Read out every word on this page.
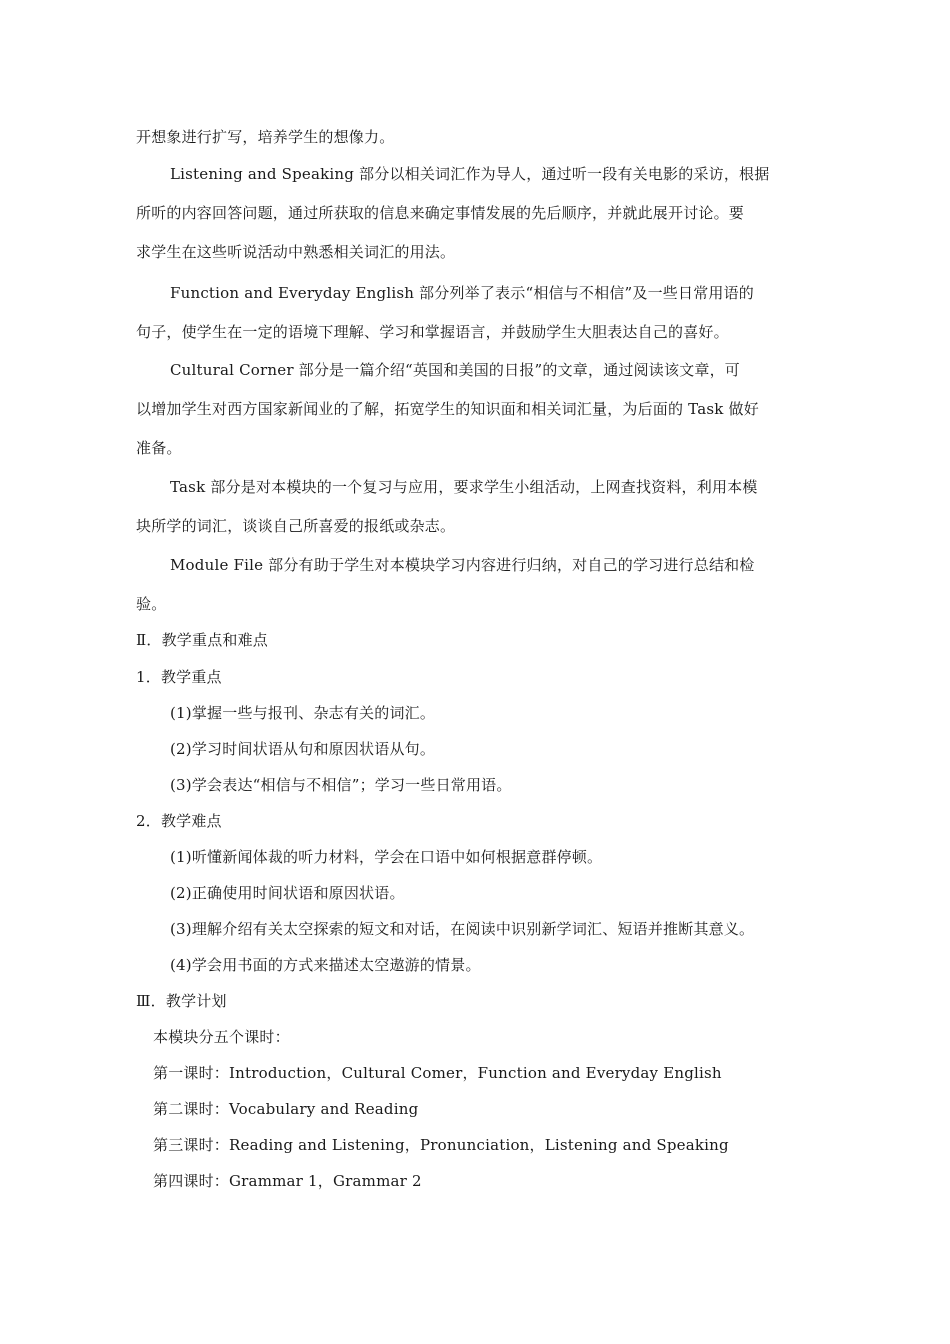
开想象进行扩写，培养学生的想像力。
Listening and Speaking 部分以相关词汇作为导人，通过听一段有关电影的采访，根据
所听的内容回答问题，通过所获取的信息来确定事情发展的先后顺序，并就此展开讨论。要
求学生在这些听说活动中熟悉相关词汇的用法。
Function and Everyday English 部分列举了表示“相信与不相信”及一些日常用语的
句子，使学生在一定的语境下理解、学习和掌握语言，并鼓励学生大胆表达自己的喜好。
Cultural Corner 部分是一篇介绍“英国和美国的日报”的文章，通过阅读该文章，可
以增加学生对西方国家新闻业的了解，拓宽学生的知识面和相关词汇量，为后面的 Task 做好
准备。
Task 部分是对本模块的一个复习与应用，要求学生小组活动，上网查找资料，利用本模
块所学的词汇，谈谈自己所喜爱的报纸或杂志。
Module File 部分有助于学生对本模块学习内容进行归纳，对自己的学习进行总结和检
验。
Ⅱ．教学重点和难点
1．教学重点
(1)掌握一些与报刊、杂志有关的词汇。
(2)学习时间状语从句和原因状语从句。
(3)学会表达“相信与不相信”；学习一些日常用语。
2．教学难点
(1)听懂新闻体裁的听力材料，学会在口语中如何根据意群停顿。
(2)正确使用时间状语和原因状语。
(3)理解介绍有关太空探索的短文和对话，在阅读中识别新学词汇、短语并推断其意义。
(4)学会用书面的方式来描述太空遨游的情景。
Ⅲ．教学计划
本模块分五个课时：
第一课时：Introduction，Cultural Comer，Function and Everyday English
第二课时：Vocabulary and Reading
第三课时：Reading and Listening，Pronunciation，Listening and Speaking
第四课时：Grammar 1，Grammar 2
